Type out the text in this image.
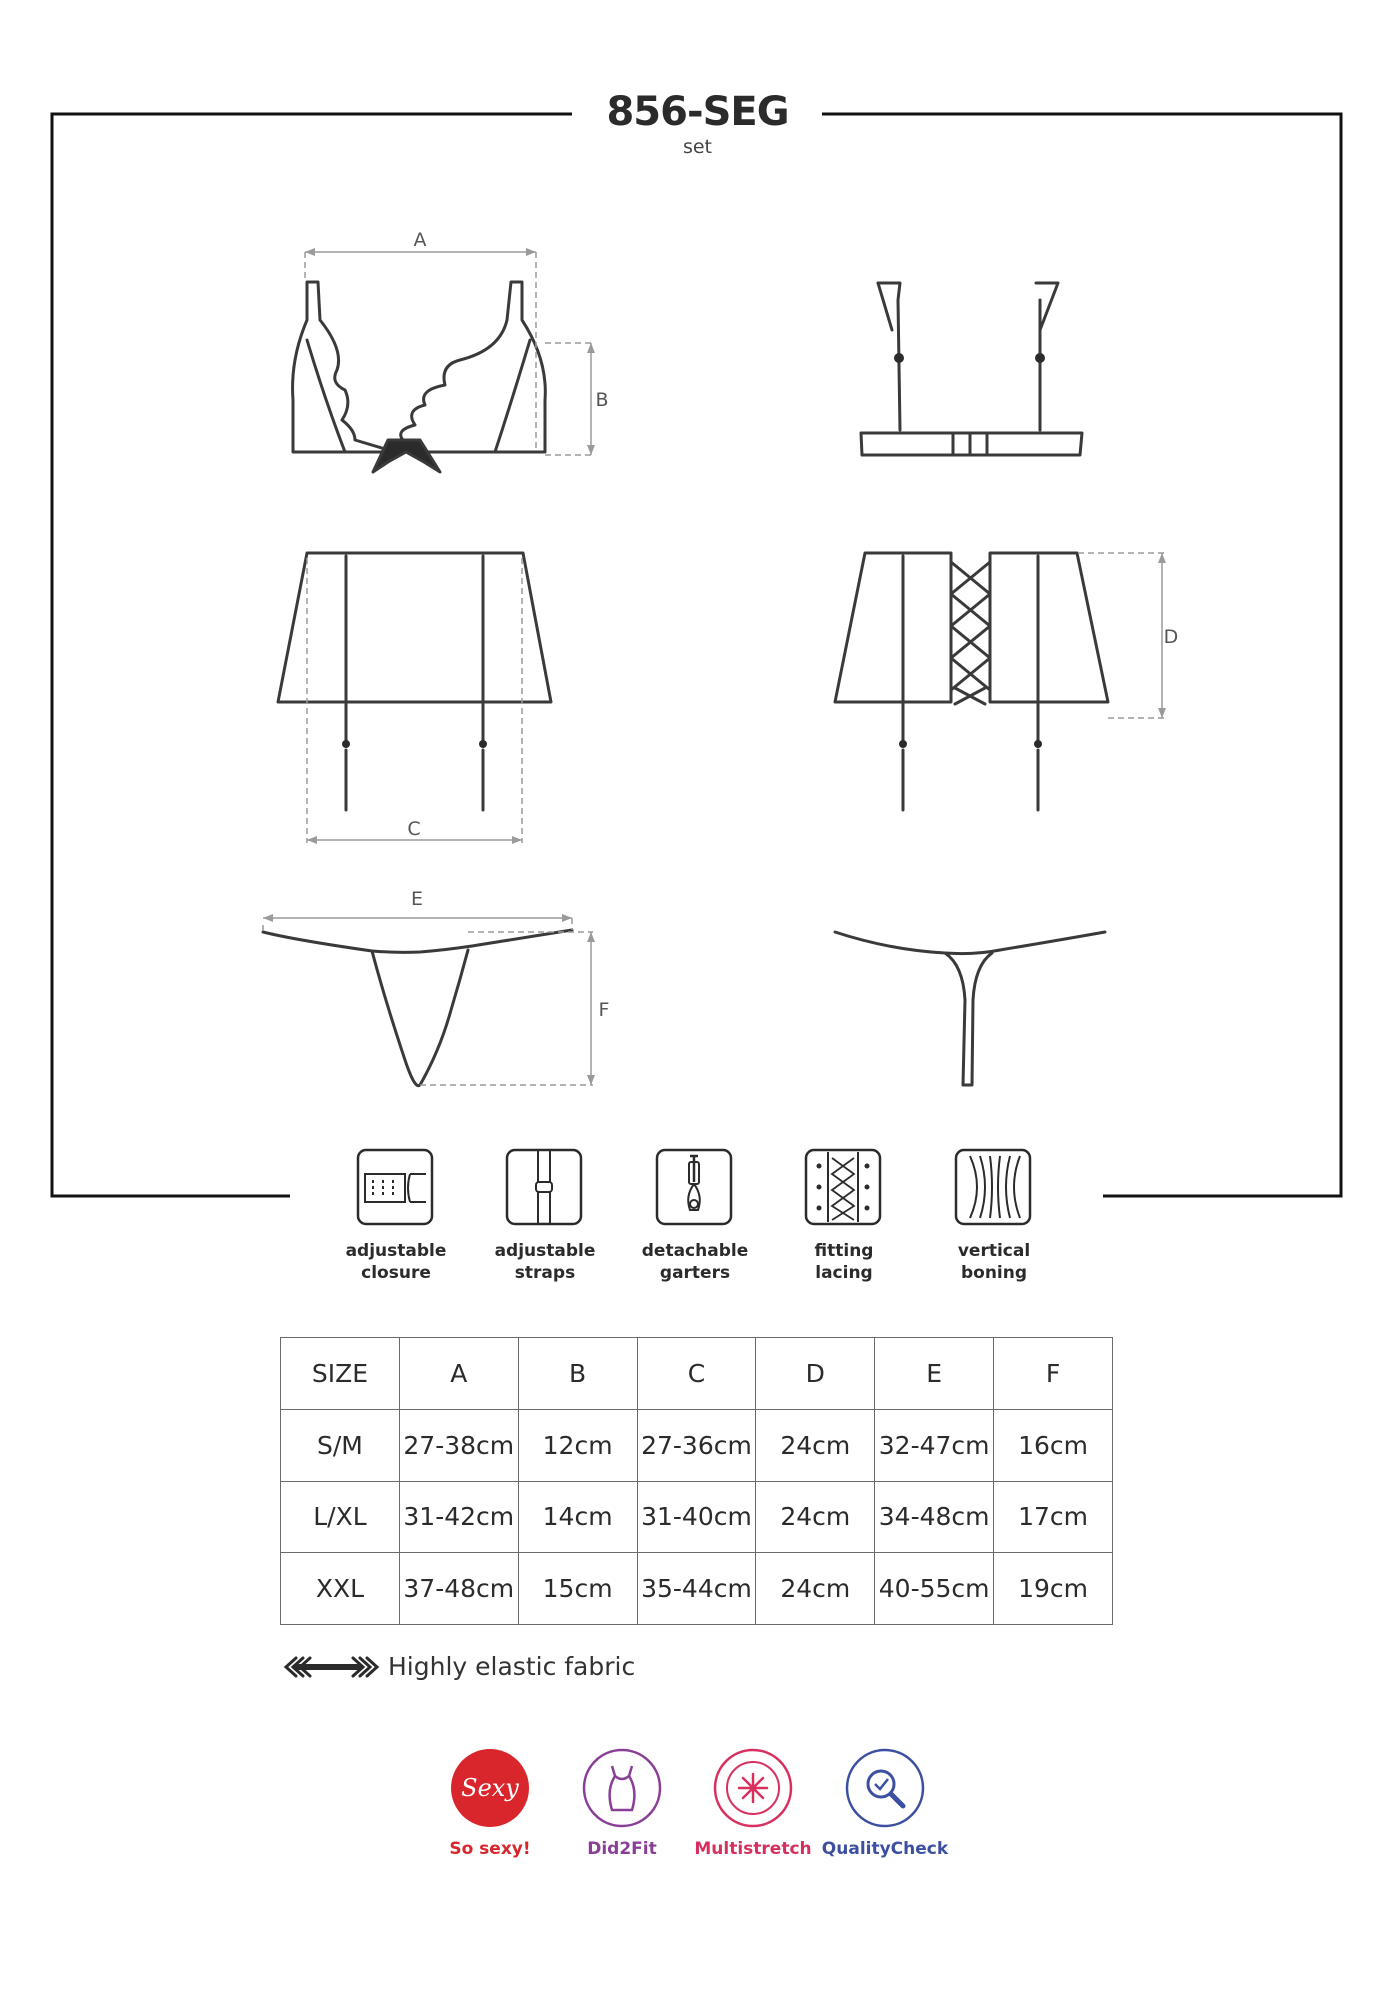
856-SEG
set
A
B
C
D
E
F
adjustable
closure
adjustable
straps
detachable
garters
fitting
lacing
vertical
boning
SIZE	A	B	C	D	E	F
S/M	27-38cm	12cm	27-36cm	24cm	32-47cm	16cm
L/XL	31-42cm	14cm	31-40cm	24cm	34-48cm	17cm
XXL	37-48cm	15cm	35-44cm	24cm	40-55cm	19cm
Highly elastic fabric
Sexy
So sexy!	Did2Fit	Multistretch QualityCheck
